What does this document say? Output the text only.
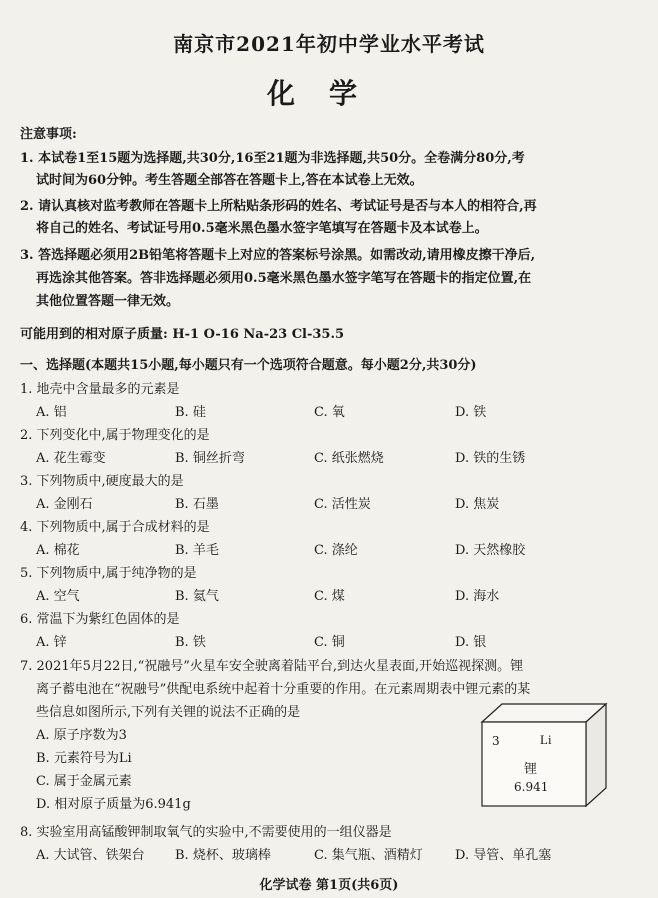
南京市2021年初中学业水平考试
化学

注意事项:
1. 本试卷1至15题为选择题,共30分,16至21题为非选择题,共50分。全卷满分80分,考
试时间为60分钟。考生答题全部答在答题卡上,答在本试卷上无效。
2. 请认真核对监考教师在答题卡上所粘贴条形码的姓名、考试证号是否与本人的相符合,再
将自己的姓名、考试证号用0.5毫米黑色墨水签字笔填写在答题卡及本试卷上。
3. 答选择题必须用2B铅笔将答题卡上对应的答案标号涂黑。如需改动,请用橡皮擦干净后,
再选涂其他答案。答非选择题必须用0.5毫米黑色墨水签字笔写在答题卡的指定位置,在
其他位置答题一律无效。
可能用到的相对原子质量: H-1 O-16 Na-23 Cl-35.5
一、选择题(本题共15小题,每小题只有一个选项符合题意。每小题2分,共30分)
1. 地壳中含量最多的元素是
A. 铝	B. 硅	C. 氧	D. 铁
2. 下列变化中,属于物理变化的是
A. 花生霉变	B. 铜丝折弯	C. 纸张燃烧	D. 铁的生锈
3. 下列物质中,硬度最大的是
A. 金刚石	B. 石墨	C. 活性炭	D. 焦炭
4. 下列物质中,属于合成材料的是
A. 棉花	B. 羊毛	C. 涤纶	D. 天然橡胶
5. 下列物质中,属于纯净物的是
A. 空气	B. 氦气	C. 煤	D. 海水
6. 常温下为紫红色固体的是
A. 锌	B. 铁	C. 铜	D. 银
7. 2021年5月22日,“祝融号”火星车安全驶离着陆平台,到达火星表面,开始巡视探测。锂
离子蓄电池在“祝融号”供配电系统中起着十分重要的作用。在元素周期表中锂元素的某
些信息如图所示,下列有关锂的说法不正确的是
A. 原子序数为3
B. 元素符号为Li
C. 属于金属元素
D. 相对原子质量为6.941g
3	Li
锂
6.941
8. 实验室用高锰酸钾制取氧气的实验中,不需要使用的一组仪器是
A. 大试管、铁架台 B. 烧杯、玻璃棒	C. 集气瓶、酒精灯 D. 导管、单孔塞
化学试卷 第1页(共6页)
